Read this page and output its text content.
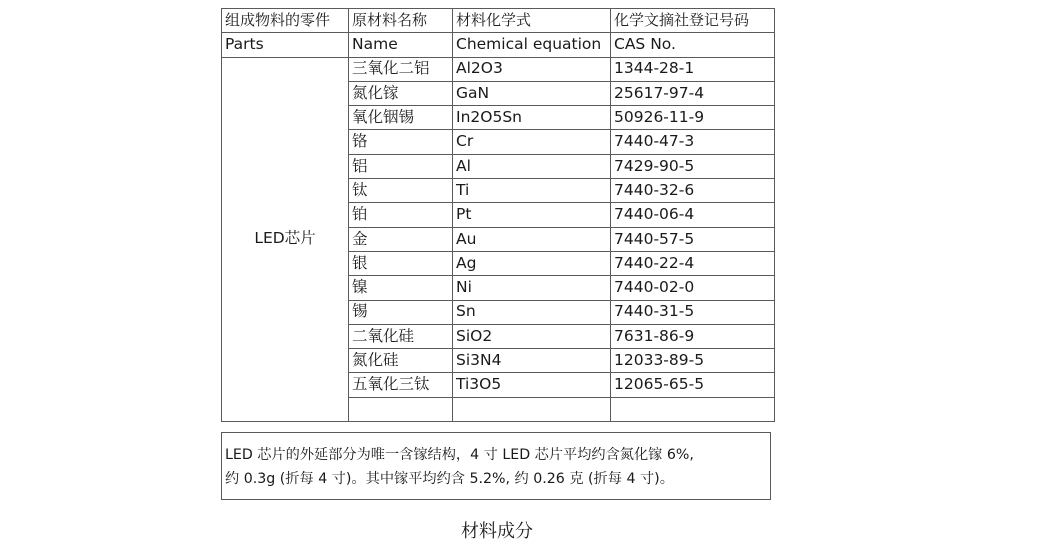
组成物料的零件	原材料名称	材料化学式	化学文摘社登记号码
Parts	Name	Chemical equation	CAS No.
LED芯片	三氧化二铝	Al2O3	1344-28-1
	氮化镓	GaN	25617-97-4
	氧化铟锡	In2O5Sn	50926-11-9
	铬	Cr	7440-47-3
	铝	Al	7429-90-5
	钛	Ti	7440-32-6
	铂	Pt	7440-06-4
	金	Au	7440-57-5
	银	Ag	7440-22-4
	镍	Ni	7440-02-0
	锡	Sn	7440-31-5
	二氧化硅	SiO2	7631-86-9
	氮化硅	Si3N4	12033-89-5
	五氧化三钛	Ti3O5	12065-65-5

LED 芯片的外延部分为唯一含镓结构，4 寸 LED 芯片平均约含氮化镓 6%,
约 0.3g (折每 4 寸)。其中镓平均约含 5.2%, 约 0.26 克 (折每 4 寸)。
材料成分
